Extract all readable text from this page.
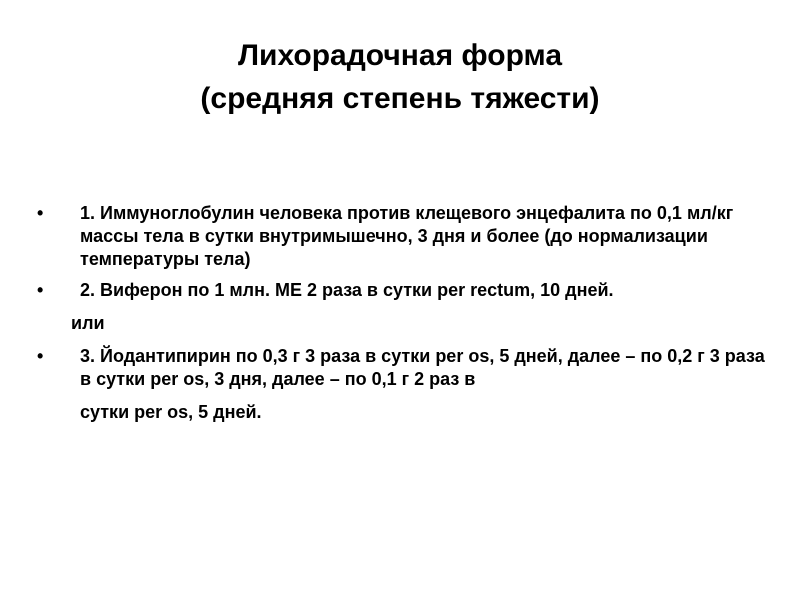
Лихорадочная форма
(средняя степень тяжести)
• 1. Иммуноглобулин человека против клещевого энцефалита по 0,1 мл/кг массы тела в сутки внутримышечно, 3 дня и более (до нормализации температуры тела)
• 2. Виферон по 1 млн. МЕ 2 раза в сутки per rectum, 10 дней.
или
• 3. Йодантипирин по 0,3 г 3 раза в сутки per os, 5 дней, далее – по 0,2 г 3 раза в сутки per os, 3 дня, далее – по 0,1 г 2 раз в
сутки per os, 5 дней.
